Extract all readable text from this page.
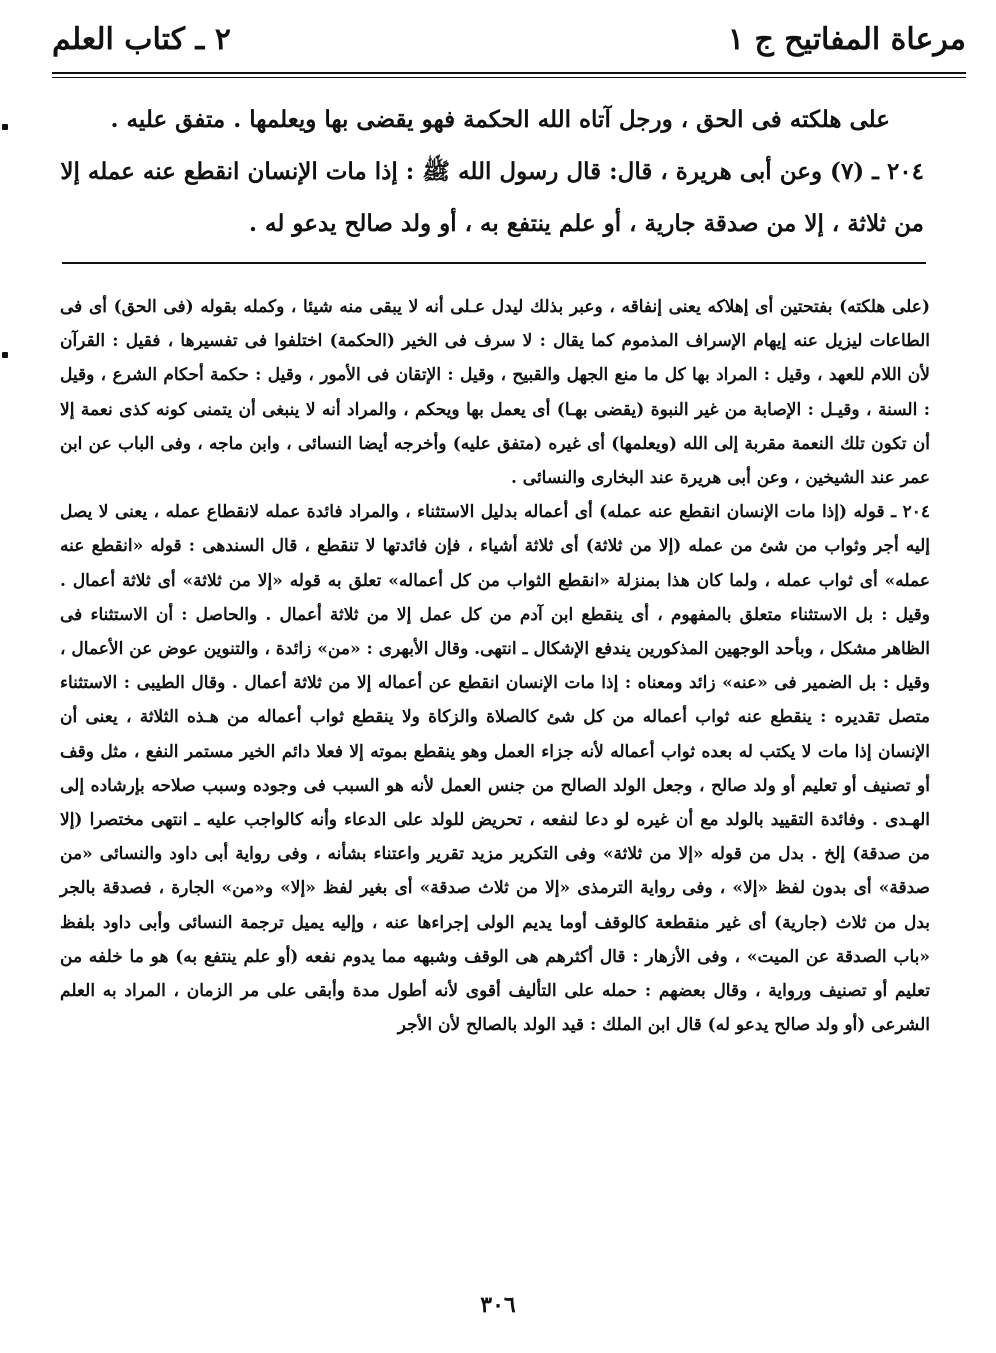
مرعاة المفاتيح ج ١
٢ ـ كتاب العلم

على هلكته فى الحق ، ورجل آتاه الله الحكمة فهو يقضى بها ويعلمها . متفق عليه .

٢٠٤ ـ (٧) وعن أبى هريرة ، قال: قال رسول الله ﷺ : إذا مات الإنسان انقطع عنه عمله إلا

من ثلاثة ، إلا من صدقة جارية ، أو علم ينتفع به ، أو ولد صالح يدعو له .

(على هلكته) بفتحتين أى إهلاكه يعنى إنفاقه ، وعبر بذلك ليدل عـلى أنه لا يبقى منه شيئا ، وكمله بقوله (فى الحق) أى فى الطاعات ليزيل عنه إيهام الإسراف المذموم كما يقال : لا سرف فى الخير (الحكمة) اختلفوا فى تفسيرها ، فقيل : القرآن لأن اللام للعهد ، وقيل : المراد بها كل ما منع الجهل والقبيح ، وقيل : الإتقان فى الأمور ، وقيل : حكمة أحكام الشرع ، وقيل : السنة ، وقيـل : الإصابة من غير النبوة (يقضى بهـا) أى يعمل بها ويحكم ، والمراد أنه لا ينبغى أن يتمنى كونه كذى نعمة إلا أن تكون تلك النعمة مقربة إلى الله (ويعلمها) أى غيره (متفق عليه) وأخرجه أيضا النسائى ، وابن ماجه ، وفى الباب عن ابن عمر عند الشيخين ، وعن أبى هريرة عند البخارى والنسائى .

٢٠٤ ـ قوله (إذا مات الإنسان انقطع عنه عمله) أى أعماله بدليل الاستثناء ، والمراد فائدة عمله لانقطاع عمله ، يعنى لا يصل إليه أجر وثواب من شئ من عمله (إلا من ثلاثة) أى ثلاثة أشياء ، فإن فائدتها لا تنقطع ، قال السندهى : قوله «انقطع عنه عمله» أى ثواب عمله ، ولما كان هذا بمنزلة «انقطع الثواب من كل أعماله» تعلق به قوله «إلا من ثلاثة» أى ثلاثة أعمال . وقيل : بل الاستثناء متعلق بالمفهوم ، أى ينقطع ابن آدم من كل عمل إلا من ثلاثة أعمال . والحاصل : أن الاستثناء فى الظاهر مشكل ، وبأحد الوجهين المذكورين يندفع الإشكال ـ انتهى. وقال الأبهرى : «من» زائدة ، والتنوين عوض عن الأعمال ، وقيل : بل الضمير فى «عنه» زائد ومعناه : إذا مات الإنسان انقطع عن أعماله إلا من ثلاثة أعمال . وقال الطيبى : الاستثناء متصل تقديره : ينقطع عنه ثواب أعماله من كل شئ كالصلاة والزكاة ولا ينقطع ثواب أعماله من هـذه الثلاثة ، يعنى أن الإنسان إذا مات لا يكتب له بعده ثواب أعماله لأنه جزاء العمل وهو ينقطع بموته إلا فعلا دائم الخير مستمر النفع ، مثل وقف أو تصنيف أو تعليم أو ولد صالح ، وجعل الولد الصالح من جنس العمل لأنه هو السبب فى وجوده وسبب صلاحه بإرشاده إلى الهـدى . وفائدة التقييد بالولد مع أن غيره لو دعا لنفعه ، تحريض للولد على الدعاء وأنه كالواجب عليه ـ انتهى مختصرا (إلا من صدقة) إلخ . بدل من قوله «إلا من ثلاثة» وفى التكرير مزيد تقرير واعتناء بشأنه ، وفى رواية أبى داود والنسائى «من صدقة» أى بدون لفظ «إلا» ، وفى رواية الترمذى «إلا من ثلاث صدقة» أى بغير لفظ «إلا» و«من» الجارة ، فصدقة بالجر بدل من ثلاث (جارية) أى غير منقطعة كالوقف أوما يديم الولى إجراءها عنه ، وإليه يميل ترجمة النسائى وأبى داود بلفظ «باب الصدقة عن الميت» ، وفى الأزهار : قال أكثرهم هى الوقف وشبهه مما يدوم نفعه (أو علم ينتفع به) هو ما خلفه من تعليم أو تصنيف ورواية ، وقال بعضهم : حمله على التأليف أقوى لأنه أطول مدة وأبقى على مر الزمان ، المراد به العلم الشرعى (أو ولد صالح يدعو له) قال ابن الملك : قيد الولد بالصالح لأن الأجر

٣٠٦
